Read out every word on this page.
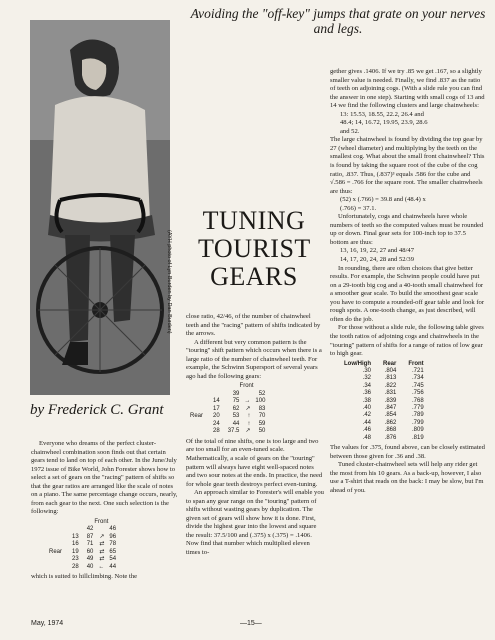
Avoiding the "off-key" jumps that grate on your nerves and legs.
(AYH photo of Lyn Burden by Dan Burden)
TUNING
TOURIST
GEARS
by Frederick C. Grant

Everyone who dreams of the perfect cluster-chainwheel combination soon finds out that certain gears tend to land on top of each other. In the June/July 1972 issue of Bike World, John Forester shows how to select a set of gears on the "racing" pattern of shifts so that the gear ratios are arranged like the scale of notes on a piano. The same percentage change occurs, nearly, from each gear to the next. One such selection is the following:

		Front		
		42		46
	13	87	↗	96
	16	71	⇄	78
Rear	19	60	⇄	65
	23	49	⇄	54
	28	40	←	44

which is suited to hillclimbing. Note the

close ratio, 42/46, of the number of chainwheel teeth and the "racing" pattern of shifts indicated by the arrows.

A different but very common pattern is the "touring" shift pattern which occurs when there is a large ratio of the number of chainwheel teeth. For example, the Schwinn Supersport of several years ago had the following gears:

		Front		
		39		52
	14	75	→	100
	17	62	↗	83
Rear	20	53	↑	70
	24	44	↑	59
	28	37.5	↗	50

Of the total of nine shifts, one is too large and two are too small for an even-tuned scale. Mathematically, a scale of gears on the "touring" pattern will always have eight well-spaced notes and two sour notes at the ends. In practice, the need for whole gear teeth destroys perfect even-tuning.

An approach similar to Forester's will enable you to span any gear range on the "touring" pattern of shifts without wasting gears by duplication. The given set of gears will show how it is done. First, divide the highest gear into the lowest and square the result: 37.5/100 and (.375) x (.375) = .1406. Now find that number which multiplied eleven times to-

gether gives .1406. If we try .85 we get .167, so a slightly smaller value is needed. Finally, we find .837 as the ratio of teeth on adjoining cogs. (With a slide rule you can find the answer in one step). Starting with small cogs of 13 and 14 we find the following clusters and large chainwheels:

13: 15.53, 18.55, 22.2, 26.4 and
48.4; 14, 16.72, 19.95, 23.9, 28.6
and 52.

The large chainwheel is found by dividing the top gear by 27 (wheel diameter) and multiplying by the teeth on the smallest cog. What about the small front chainwheel? This is found by taking the square root of the cube of the cog ratio, .837. Thus, (.837)³ equals .586 for the cube and √.586 = .766 for the square root. The smaller chainwheels are thus:

(52) x (.766) = 39.8 and (48.4) x
(.766) = 37.1.

Unfortunately, cogs and chainwheels have whole numbers of teeth so the computed values must be rounded up or down. Final gear sets for 100-inch top to 37.5 bottom are thus:

13, 16, 19, 22, 27 and 48/47
14, 17, 20, 24, 28 and 52/39

In rounding, there are often choices that give better results. For example, the Schwinn people could have put on a 29-tooth big cog and a 40-tooth small chainwheel for a smoother gear scale. To build the smoothest gear scale you have to compute a rounded-off gear table and look for rough spots. A one-tooth change, as just described, will often do the job.

For those without a slide rule, the following table gives the tooth ratios of adjoining cogs and chainwheels in the "touring" pattern of shifts for a range of ratios of low gear to high gear.

Low/High	Rear	Front
.30	.804	.721
.32	.813	.734
.34	.822	.745
.36	.831	.756
.38	.839	.768
.40	.847	.779
.42	.854	.789
.44	.862	.799
.46	.868	.809
.48	.876	.819

The values for .375, found above, can be closely estimated between those given for .36 and .38.

Tuned cluster-chainwheel sets will help any rider get the most from his 10 gears. As a back-up, however, I also use a T-shirt that reads on the back: I may be slow, but I'm ahead of you.

May, 1974	—15—
